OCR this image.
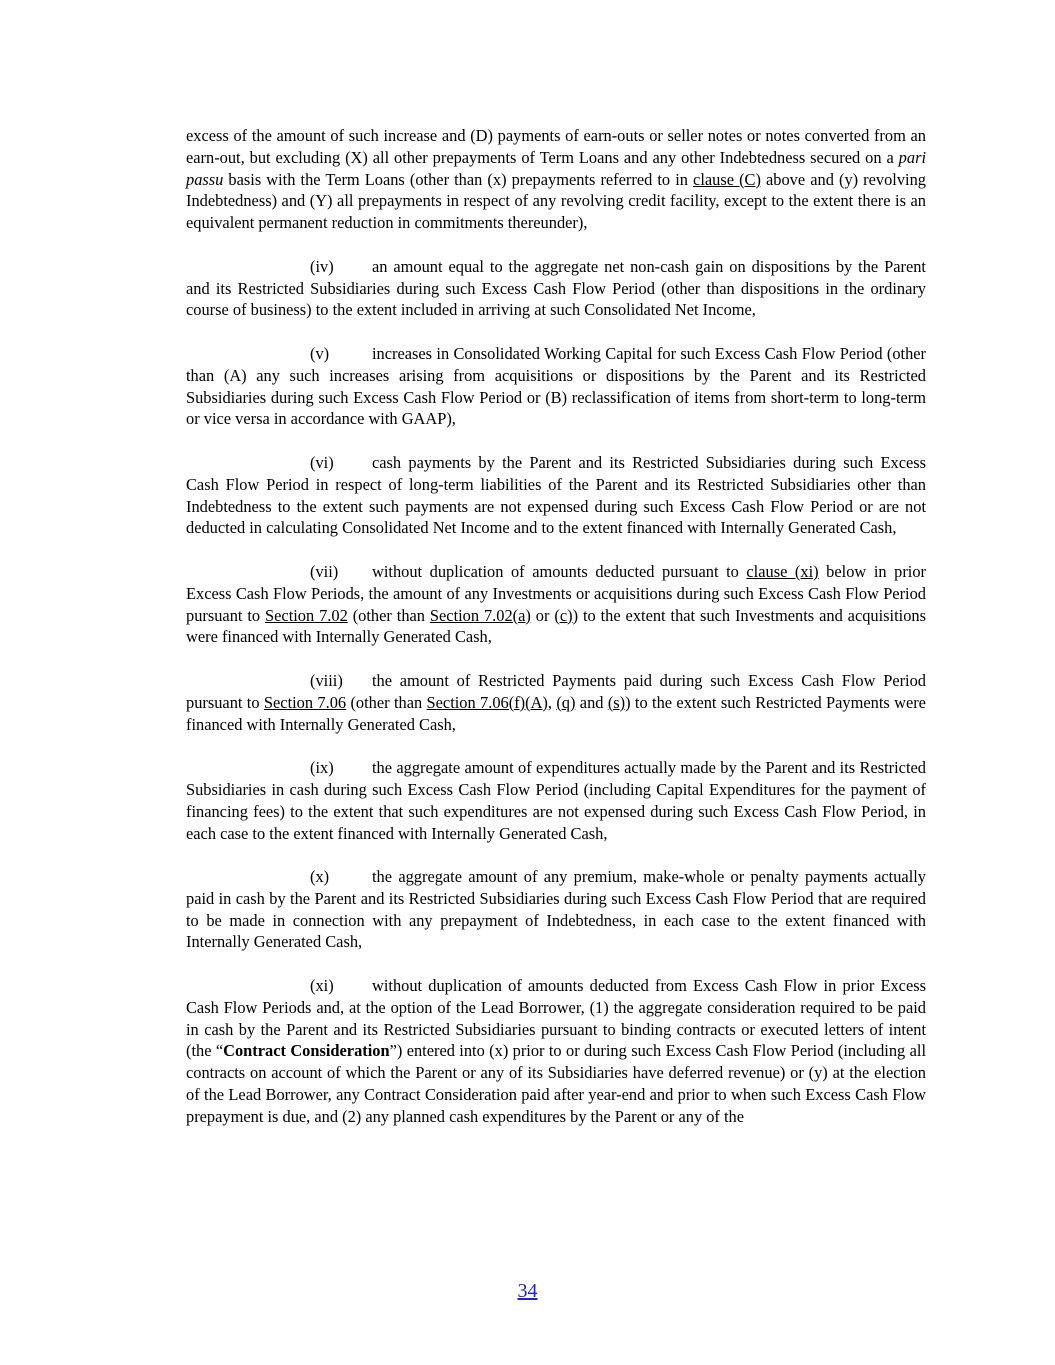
excess of the amount of such increase and (D) payments of earn-outs or seller notes or notes converted from an earn-out, but excluding (X) all other prepayments of Term Loans and any other Indebtedness secured on a pari passu basis with the Term Loans (other than (x) prepayments referred to in clause (C) above and (y) revolving Indebtedness) and (Y) all prepayments in respect of any revolving credit facility, except to the extent there is an equivalent permanent reduction in commitments thereunder),

(iv) an amount equal to the aggregate net non-cash gain on dispositions by the Parent and its Restricted Subsidiaries during such Excess Cash Flow Period (other than dispositions in the ordinary course of business) to the extent included in arriving at such Consolidated Net Income,

(v)	increases in Consolidated Working Capital for such Excess Cash Flow Period (other than (A) any such increases arising from acquisitions or dispositions by the Parent and its Restricted Subsidiaries during such Excess Cash Flow Period or (B) reclassification of items from short-term to long-term or vice versa in accordance with GAAP),

(vi) cash payments by the Parent and its Restricted Subsidiaries during such Excess Cash Flow Period in respect of long-term liabilities of the Parent and its Restricted Subsidiaries other than Indebtedness to the extent such payments are not expensed during such Excess Cash Flow Period or are not deducted in calculating Consolidated Net Income and to the extent financed with Internally Generated Cash,

(vii) without duplication of amounts deducted pursuant to clause (xi) below in prior Excess Cash Flow Periods, the amount of any Investments or acquisitions during such Excess Cash Flow Period pursuant to Section 7.02 (other than Section 7.02(a) or (c)) to the extent that such Investments and acquisitions were financed with Internally Generated Cash,

(viii) the amount of Restricted Payments paid during such Excess Cash Flow Period pursuant to Section 7.06 (other than Section 7.06(f)(A), (q) and (s)) to the extent such Restricted Payments were financed with Internally Generated Cash,

(ix) the aggregate amount of expenditures actually made by the Parent and its Restricted Subsidiaries in cash during such Excess Cash Flow Period (including Capital Expenditures for the payment of financing fees) to the extent that such expenditures are not expensed during such Excess Cash Flow Period, in each case to the extent financed with Internally Generated Cash,

(x)	the aggregate amount of any premium, make-whole or penalty payments actually paid in cash by the Parent and its Restricted Subsidiaries during such Excess Cash Flow Period that are required to be made in connection with any prepayment of Indebtedness, in each case to the extent financed with Internally Generated Cash,

(xi) without duplication of amounts deducted from Excess Cash Flow in prior Excess Cash Flow Periods and, at the option of the Lead Borrower, (1) the aggregate consideration required to be paid in cash by the Parent and its Restricted Subsidiaries pursuant to binding contracts or executed letters of intent (the “Contract Consideration”) entered into (x) prior to or during such Excess Cash Flow Period (including all contracts on account of which the Parent or any of its Subsidiaries have deferred revenue) or (y) at the election of the Lead Borrower, any Contract Consideration paid after year-end and prior to when such Excess Cash Flow prepayment is due, and (2) any planned cash expenditures by the Parent or any of the

34
